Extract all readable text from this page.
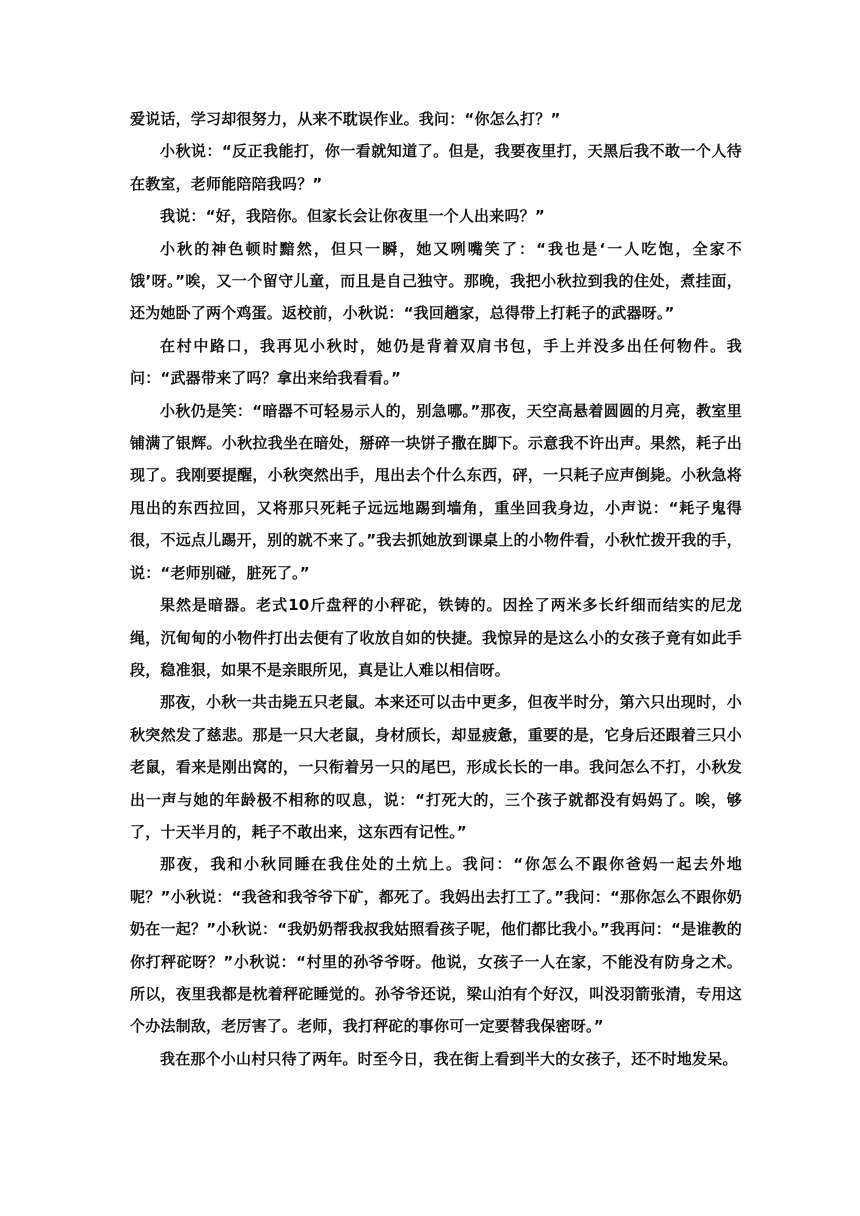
爱说话，学习却很努力，从来不耽误作业。我问：“你怎么打？”

小秋说：“反正我能打，你一看就知道了。但是，我要夜里打，天黑后我不敢一个人待在教室，老师能陪陪我吗？”

我说：“好，我陪你。但家长会让你夜里一个人出来吗？”

小秋的神色顿时黯然，但只一瞬，她又咧嘴笑了：“我也是‘一人吃饱，全家不饿’呀。”唉，又一个留守儿童，而且是自己独守。那晚，我把小秋拉到我的住处，煮挂面，还为她卧了两个鸡蛋。返校前，小秋说：“我回趟家，总得带上打耗子的武器呀。”

在村中路口，我再见小秋时，她仍是背着双肩书包，手上并没多出任何物件。我问：“武器带来了吗？拿出来给我看看。”

小秋仍是笑：“暗器不可轻易示人的，别急哪。”那夜，天空高悬着圆圆的月亮，教室里铺满了银辉。小秋拉我坐在暗处，掰碎一块饼子撒在脚下。示意我不许出声。果然，耗子出现了。我刚要提醒，小秋突然出手，甩出去个什么东西，砰，一只耗子应声倒毙。小秋急将甩出的东西拉回，又将那只死耗子远远地踢到墙角，重坐回我身边，小声说：“耗子鬼得很，不远点儿踢开，别的就不来了。”我去抓她放到课桌上的小物件看，小秋忙拨开我的手，说：“老师别碰，脏死了。”

果然是暗器。老式10斤盘秤的小秤砣，铁铸的。因拴了两米多长纤细而结实的尼龙绳，沉甸甸的小物件打出去便有了收放自如的快捷。我惊异的是这么小的女孩子竟有如此手段，稳准狠，如果不是亲眼所见，真是让人难以相信呀。

那夜，小秋一共击毙五只老鼠。本来还可以击中更多，但夜半时分，第六只出现时，小秋突然发了慈悲。那是一只大老鼠，身材颀长，却显疲惫，重要的是，它身后还跟着三只小老鼠，看来是刚出窝的，一只衔着另一只的尾巴，形成长长的一串。我问怎么不打，小秋发出一声与她的年龄极不相称的叹息，说：“打死大的，三个孩子就都没有妈妈了。唉，够了，十天半月的，耗子不敢出来，这东西有记性。”

那夜，我和小秋同睡在我住处的土炕上。我问：“你怎么不跟你爸妈一起去外地呢？”小秋说：“我爸和我爷爷下矿，都死了。我妈出去打工了。”我问：“那你怎么不跟你奶奶在一起？”小秋说：“我奶奶帮我叔我姑照看孩子呢，他们都比我小。”我再问：“是谁教的你打秤砣呀？”小秋说：“村里的孙爷爷呀。他说，女孩子一人在家，不能没有防身之术。所以，夜里我都是枕着秤砣睡觉的。孙爷爷还说，梁山泊有个好汉，叫没羽箭张清，专用这个办法制敌，老厉害了。老师，我打秤砣的事你可一定要替我保密呀。”

我在那个小山村只待了两年。时至今日，我在街上看到半大的女孩子，还不时地发呆。
